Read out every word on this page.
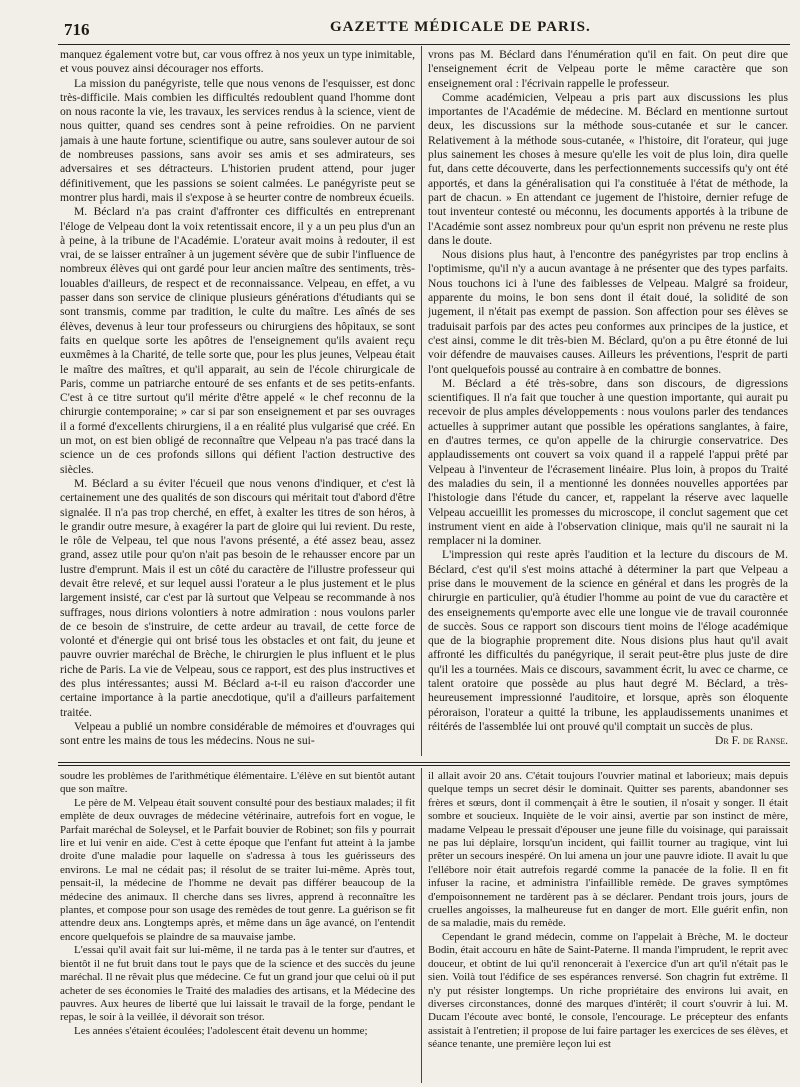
716	GAZETTE MÉDICALE DE PARIS.

manquez également votre but, car vous offrez à nos yeux un type inimitable, et vous pouvez ainsi décourager nos efforts.

La mission du panégyriste, telle que nous venons de l'esquisser, est donc très-difficile. Mais combien les difficultés redoublent quand l'homme dont on nous raconte la vie, les travaux, les services rendus à la science, vient de nous quitter, quand ses cendres sont à peine refroidies. On ne parvient jamais à une haute fortune, scientifique ou autre, sans soulever autour de soi de nombreuses passions, sans avoir ses amis et ses admirateurs, ses adversaires et ses détracteurs. L'historien prudent attend, pour juger définitivement, que les passions se soient calmées. Le panégyriste peut se montrer plus hardi, mais il s'expose à se heurter contre de nombreux écueils.

M. Béclard n'a pas craint d'affronter ces difficultés en entreprenant l'éloge de Velpeau dont la voix retentissait encore, il y a un peu plus d'un an à peine, à la tribune de l'Académie. L'orateur avait moins à redouter, il est vrai, de se laisser entraîner à un jugement sévère que de subir l'influence de nombreux élèves qui ont gardé pour leur ancien maître des sentiments, très-louables d'ailleurs, de respect et de reconnaissance. Velpeau, en effet, a vu passer dans son service de clinique plusieurs générations d'étudiants qui se sont transmis, comme par tradition, le culte du maître. Les aînés de ses élèves, devenus à leur tour professeurs ou chirurgiens des hôpitaux, se sont faits en quelque sorte les apôtres de l'enseignement qu'ils avaient reçu euxmêmes à la Charité, de telle sorte que, pour les plus jeunes, Velpeau était le maître des maîtres, et qu'il apparait, au sein de l'école chirurgicale de Paris, comme un patriarche entouré de ses enfants et de ses petits-enfants. C'est à ce titre surtout qu'il mérite d'être appelé « le chef reconnu de la chirurgie contemporaine; » car si par son enseignement et par ses ouvrages il a formé d'excellents chirurgiens, il a en réalité plus vulgarisé que créé. En un mot, on est bien obligé de reconnaître que Velpeau n'a pas tracé dans la science un de ces profonds sillons qui défient l'action destructive des siècles.

M. Béclard a su éviter l'écueil que nous venons d'indiquer, et c'est là certainement une des qualités de son discours qui méritait tout d'abord d'être signalée. Il n'a pas trop cherché, en effet, à exalter les titres de son héros, à le grandir outre mesure, à exagérer la part de gloire qui lui revient. Du reste, le rôle de Velpeau, tel que nous l'avons présenté, a été assez beau, assez grand, assez utile pour qu'on n'ait pas besoin de le rehausser encore par un lustre d'emprunt. Mais il est un côté du caractère de l'illustre professeur qui devait être relevé, et sur lequel aussi l'orateur a le plus justement et le plus largement insisté, car c'est par là surtout que Velpeau se recommande à nos suffrages, nous dirions volontiers à notre admiration : nous voulons parler de ce besoin de s'instruire, de cette ardeur au travail, de cette force de volonté et d'énergie qui ont brisé tous les obstacles et ont fait, du jeune et pauvre ouvrier maréchal de Brèche, le chirurgien le plus influent et le plus riche de Paris. La vie de Velpeau, sous ce rapport, est des plus instructives et des plus intéressantes; aussi M. Béclard a-t-il eu raison d'accorder une certaine importance à la partie anecdotique, qu'il a d'ailleurs parfaitement traitée.

Velpeau a publié un nombre considérable de mémoires et d'ouvrages qui sont entre les mains de tous les médecins. Nous ne sui-

vrons pas M. Béclard dans l'énumération qu'il en fait. On peut dire que l'enseignement écrit de Velpeau porte le même caractère que son enseignement oral : l'écrivain rappelle le professeur.

Comme académicien, Velpeau a pris part aux discussions les plus importantes de l'Académie de médecine. M. Béclard en mentionne surtout deux, les discussions sur la méthode sous-cutanée et sur le cancer. Relativement à la méthode sous-cutanée, « l'histoire, dit l'orateur, qui juge plus sainement les choses à mesure qu'elle les voit de plus loin, dira quelle fut, dans cette découverte, dans les perfectionnements successifs qu'y ont été apportés, et dans la généralisation qui l'a constituée à l'état de méthode, la part de chacun. » En attendant ce jugement de l'histoire, dernier refuge de tout inventeur contesté ou méconnu, les documents apportés à la tribune de l'Académie sont assez nombreux pour qu'un esprit non prévenu ne reste plus dans le doute.

Nous disions plus haut, à l'encontre des panégyristes par trop enclins à l'optimisme, qu'il n'y a aucun avantage à ne présenter que des types parfaits. Nous touchons ici à l'une des faiblesses de Velpeau. Malgré sa froideur, apparente du moins, le bon sens dont il était doué, la solidité de son jugement, il n'était pas exempt de passion. Son affection pour ses élèves se traduisait parfois par des actes peu conformes aux principes de la justice, et c'est ainsi, comme le dit très-bien M. Béclard, qu'on a pu être étonné de lui voir défendre de mauvaises causes. Ailleurs les préventions, l'esprit de parti l'ont quelquefois poussé au contraire à en combattre de bonnes.

M. Béclard a été très-sobre, dans son discours, de digressions scientifiques. Il n'a fait que toucher à une question importante, qui aurait pu recevoir de plus amples développements : nous voulons parler des tendances actuelles à supprimer autant que possible les opérations sanglantes, à faire, en d'autres termes, ce qu'on appelle de la chirurgie conservatrice. Des applaudissements ont couvert sa voix quand il a rappelé l'appui prêté par Velpeau à l'inventeur de l'écrasement linéaire. Plus loin, à propos du Traité des maladies du sein, il a mentionné les données nouvelles apportées par l'histologie dans l'étude du cancer, et, rappelant la réserve avec laquelle Velpeau accueillit les promesses du microscope, il conclut sagement que cet instrument vient en aide à l'observation clinique, mais qu'il ne saurait ni la remplacer ni la dominer.

L'impression qui reste après l'audition et la lecture du discours de M. Béclard, c'est qu'il s'est moins attaché à déterminer la part que Velpeau a prise dans le mouvement de la science en général et dans les progrès de la chirurgie en particulier, qu'à étudier l'homme au point de vue du caractère et des enseignements qu'emporte avec elle une longue vie de travail couronnée de succès. Sous ce rapport son discours tient moins de l'éloge académique que de la biographie proprement dite. Nous disions plus haut qu'il avait affronté les difficultés du panégyrique, il serait peut-être plus juste de dire qu'il les a tournées. Mais ce discours, savamment écrit, lu avec ce charme, ce talent oratoire que possède au plus haut degré M. Béclard, a très-heureusement impressionné l'auditoire, et lorsque, après son éloquente péroraison, l'orateur a quitté la tribune, les applaudissements unanimes et réitérés de l'assemblée lui ont prouvé qu'il comptait un succès de plus.

Dr F. de Ranse.

soudre les problèmes de l'arithmétique élémentaire. L'élève en sut bientôt autant que son maître.

Le père de M. Velpeau était souvent consulté pour des bestiaux malades; il fit emplète de deux ouvrages de médecine vétérinaire, autrefois fort en vogue, le Parfait maréchal de Soleysel, et le Parfait bouvier de Robinet; son fils y pourrait lire et lui venir en aide. C'est à cette époque que l'enfant fut atteint à la jambe droite d'une maladie pour laquelle on s'adressa à tous les guérisseurs des environs. Le mal ne cédait pas; il résolut de se traiter lui-même. Après tout, pensait-il, la médecine de l'homme ne devait pas différer beaucoup de la médecine des animaux. Il cherche dans ses livres, apprend à reconnaître les plantes, et compose pour son usage des remèdes de tout genre. La guérison se fit attendre deux ans. Longtemps après, et même dans un âge avancé, on l'entendit encore quelquefois se plaindre de sa mauvaise jambe.

L'essai qu'il avait fait sur lui-même, il ne tarda pas à le tenter sur d'autres, et bientôt il ne fut bruit dans tout le pays que de la science et des succès du jeune maréchal. Il ne rêvait plus que médecine. Ce fut un grand jour que celui où il put acheter de ses économies le Traité des maladies des artisans, et la Médecine des pauvres. Aux heures de liberté que lui laissait le travail de la forge, pendant le repas, le soir à la veillée, il dévorait son trésor.

Les années s'étaient écoulées; l'adolescent était devenu un homme;

il allait avoir 20 ans. C'était toujours l'ouvrier matinal et laborieux; mais depuis quelque temps un secret désir le dominait. Quitter ses parents, abandonner ses frères et sœurs, dont il commençait à être le soutien, il n'osait y songer. Il était sombre et soucieux. Inquiète de le voir ainsi, avertie par son instinct de mère, madame Velpeau le pressait d'épouser une jeune fille du voisinage, qui paraissait ne pas lui déplaire, lorsqu'un incident, qui faillit tourner au tragique, vint lui prêter un secours inespéré. On lui amena un jour une pauvre idiote. Il avait lu que l'ellébore noir était autrefois regardé comme la panacée de la folie. Il en fit infuser la racine, et administra l'infaillible remède. De graves symptômes d'empoisonnement ne tardèrent pas à se déclarer. Pendant trois jours, jours de cruelles angoisses, la malheureuse fut en danger de mort. Elle guérit enfin, non de sa maladie, mais du remède.

Cependant le grand médecin, comme on l'appelait à Brèche, M. le docteur Bodin, était accouru en hâte de Saint-Paterne. Il manda l'imprudent, le reprit avec douceur, et obtint de lui qu'il renoncerait à l'exercice d'un art qu'il n'était pas le sien. Voilà tout l'édifice de ses espérances renversé. Son chagrin fut extrême. Il n'y put résister longtemps. Un riche propriétaire des environs lui avait, en diverses circonstances, donné des marques d'intérêt; il court s'ouvrir à lui. M. Ducam l'écoute avec bonté, le console, l'encourage. Le précepteur des enfants assistait à l'entretien; il propose de lui faire partager les exercices de ses élèves, et séance tenante, une première leçon lui est
